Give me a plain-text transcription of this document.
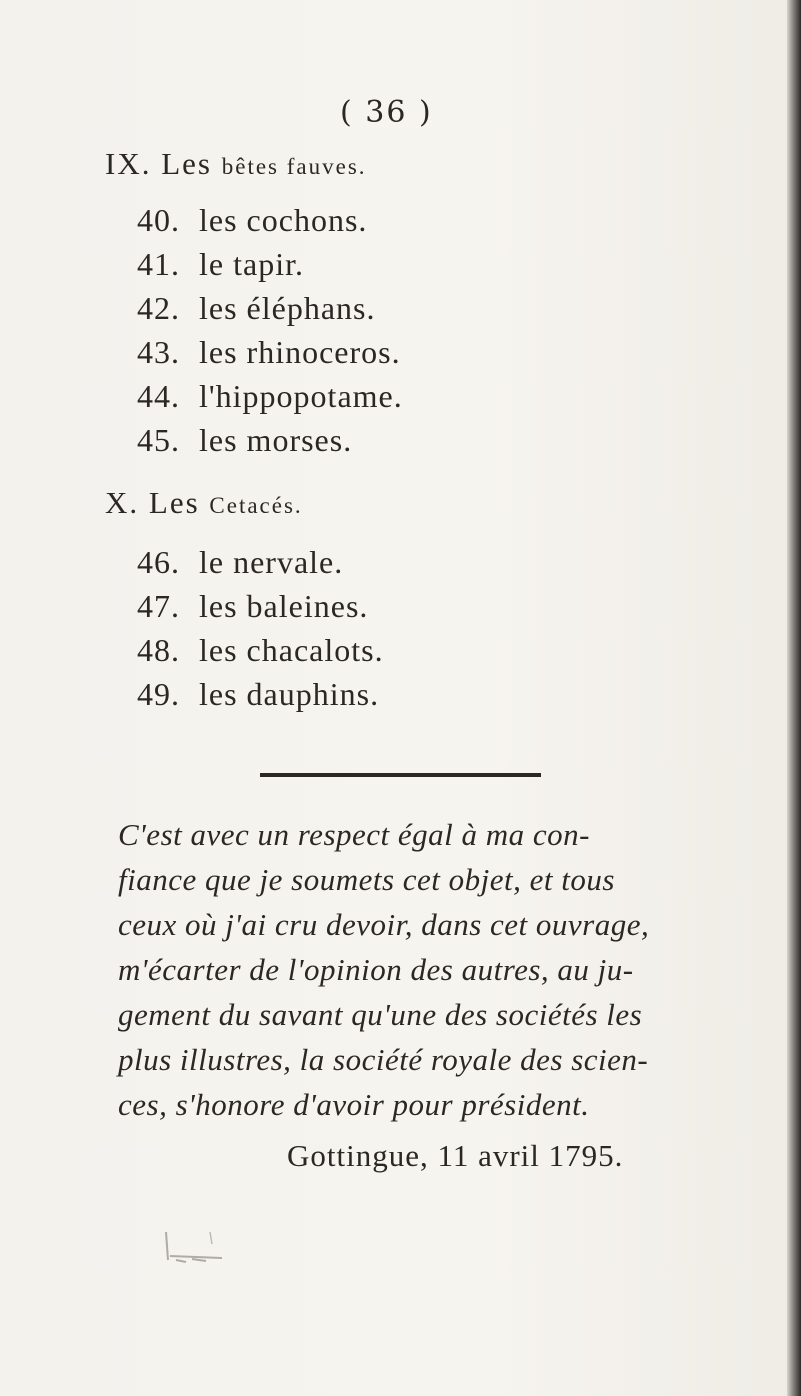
( 36 )
IX. Les bêtes fauves.
40. les cochons.
41. le tapir.
42. les éléphans.
43. les rhinoceros.
44. l'hippopotame.
45. les morses.
X. Les Cetacés.
46. le nervale.
47. les baleines.
48. les chacalots.
49. les dauphins.
C'est avec un respect égal à ma con-
fiance que je soumets cet objet, et tous
ceux où j'ai cru devoir, dans cet ouvrage,
m'écarter de l'opinion des autres, au ju-
gement du savant qu'une des sociétés les
plus illustres, la société royale des scien-
ces, s'honore d'avoir pour président.
Gottingue, 11 avril 1795.
